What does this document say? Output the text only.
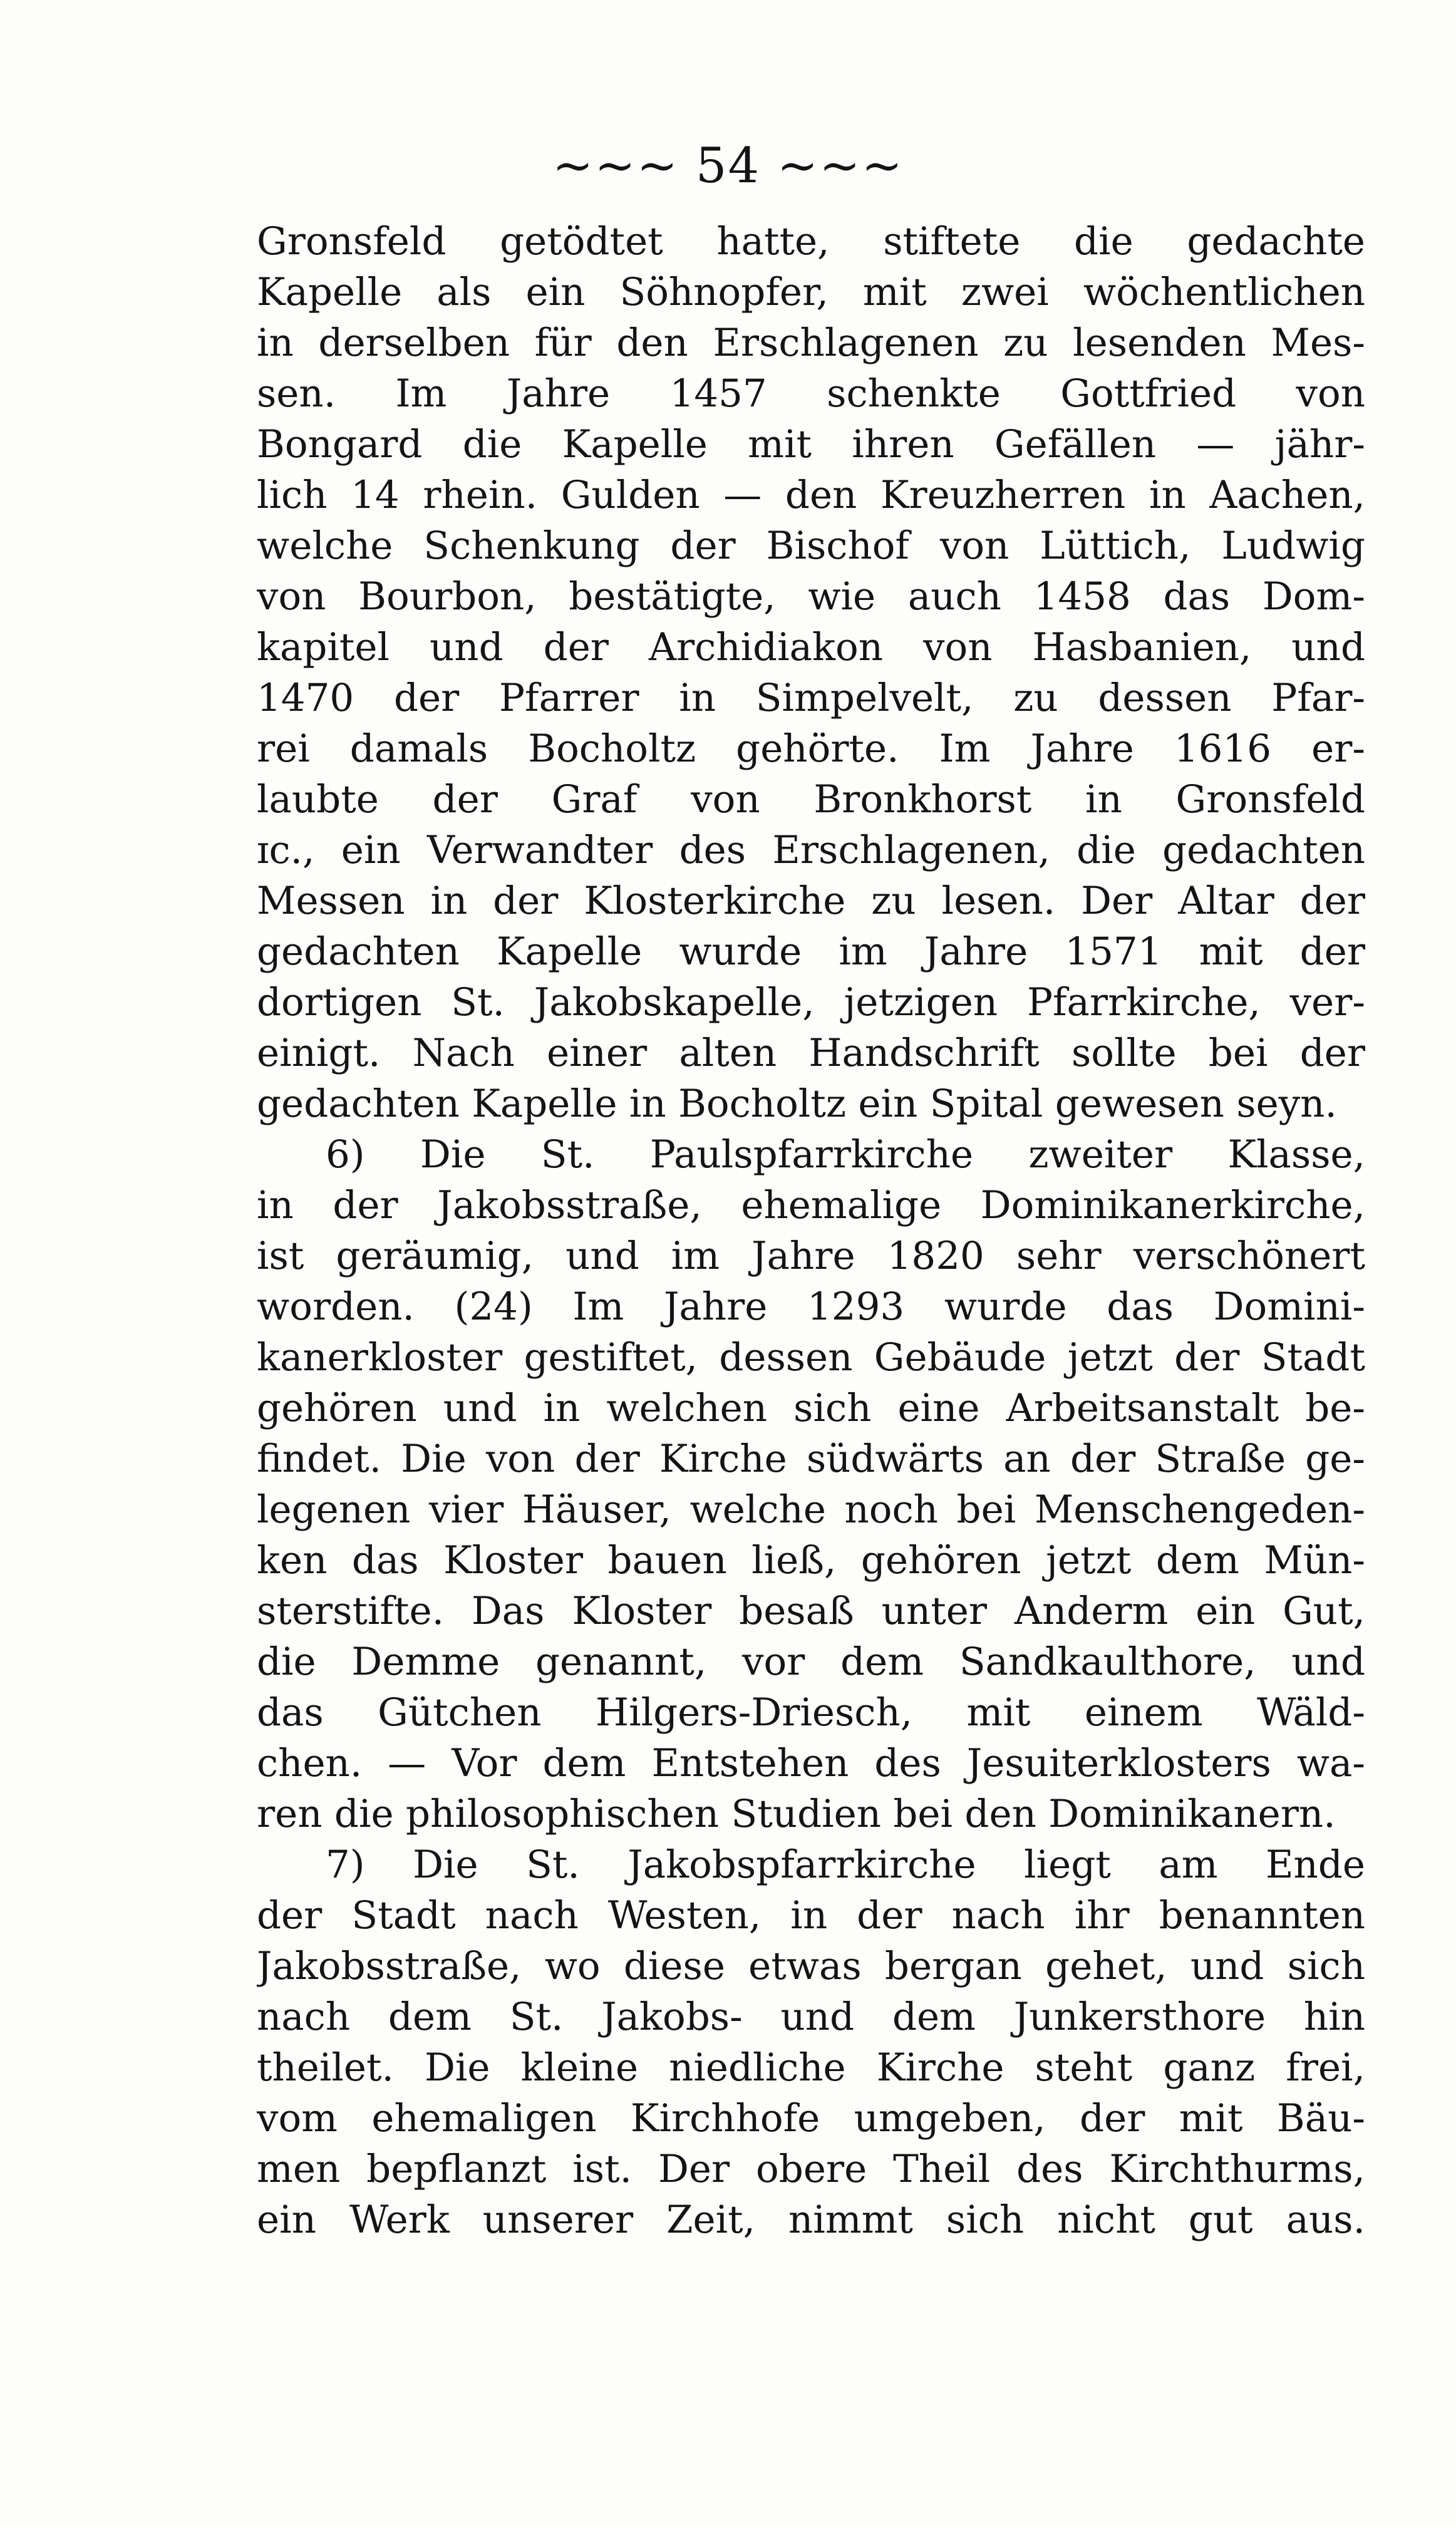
~~~ 54 ~~~
Gronsfeld getödtet hatte, stiftete die gedachte
Kapelle als ein Söhnopfer, mit zwei wöchentlichen
in derselben für den Erschlagenen zu lesenden Mes-
sen. Im Jahre 1457 schenkte Gottfried von
Bongard die Kapelle mit ihren Gefällen — jähr-
lich 14 rhein. Gulden — den Kreuzherren in Aachen,
welche Schenkung der Bischof von Lüttich, Ludwig
von Bourbon, bestätigte, wie auch 1458 das Dom-
kapitel und der Archidiakon von Hasbanien, und
1470 der Pfarrer in Simpelvelt, zu dessen Pfar-
rei damals Bocholtz gehörte. Im Jahre 1616 er-
laubte der Graf von Bronkhorst in Gronsfeld
ɪc., ein Verwandter des Erschlagenen, die gedachten
Messen in der Klosterkirche zu lesen. Der Altar der
gedachten Kapelle wurde im Jahre 1571 mit der
dortigen St. Jakobskapelle, jetzigen Pfarrkirche, ver-
einigt. Nach einer alten Handschrift sollte bei der
gedachten Kapelle in Bocholtz ein Spital gewesen seyn.
6) Die St. Paulspfarrkirche zweiter Klasse,
in der Jakobsstraße, ehemalige Dominikanerkirche,
ist geräumig, und im Jahre 1820 sehr verschönert
worden. (24) Im Jahre 1293 wurde das Domini-
kanerkloster gestiftet, dessen Gebäude jetzt der Stadt
gehören und in welchen sich eine Arbeitsanstalt be-
findet. Die von der Kirche südwärts an der Straße ge-
legenen vier Häuser, welche noch bei Menschengeden-
ken das Kloster bauen ließ, gehören jetzt dem Mün-
sterstifte. Das Kloster besaß unter Anderm ein Gut,
die Demme genannt, vor dem Sandkaulthore, und
das Gütchen Hilgers-Driesch, mit einem Wäld-
chen. — Vor dem Entstehen des Jesuiterklosters wa-
ren die philosophischen Studien bei den Dominikanern.
7) Die St. Jakobspfarrkirche liegt am Ende
der Stadt nach Westen, in der nach ihr benannten
Jakobsstraße, wo diese etwas bergan gehet, und sich
nach dem St. Jakobs- und dem Junkersthore hin
theilet. Die kleine niedliche Kirche steht ganz frei,
vom ehemaligen Kirchhofe umgeben, der mit Bäu-
men bepflanzt ist. Der obere Theil des Kirchthurms,
ein Werk unserer Zeit, nimmt sich nicht gut aus.
